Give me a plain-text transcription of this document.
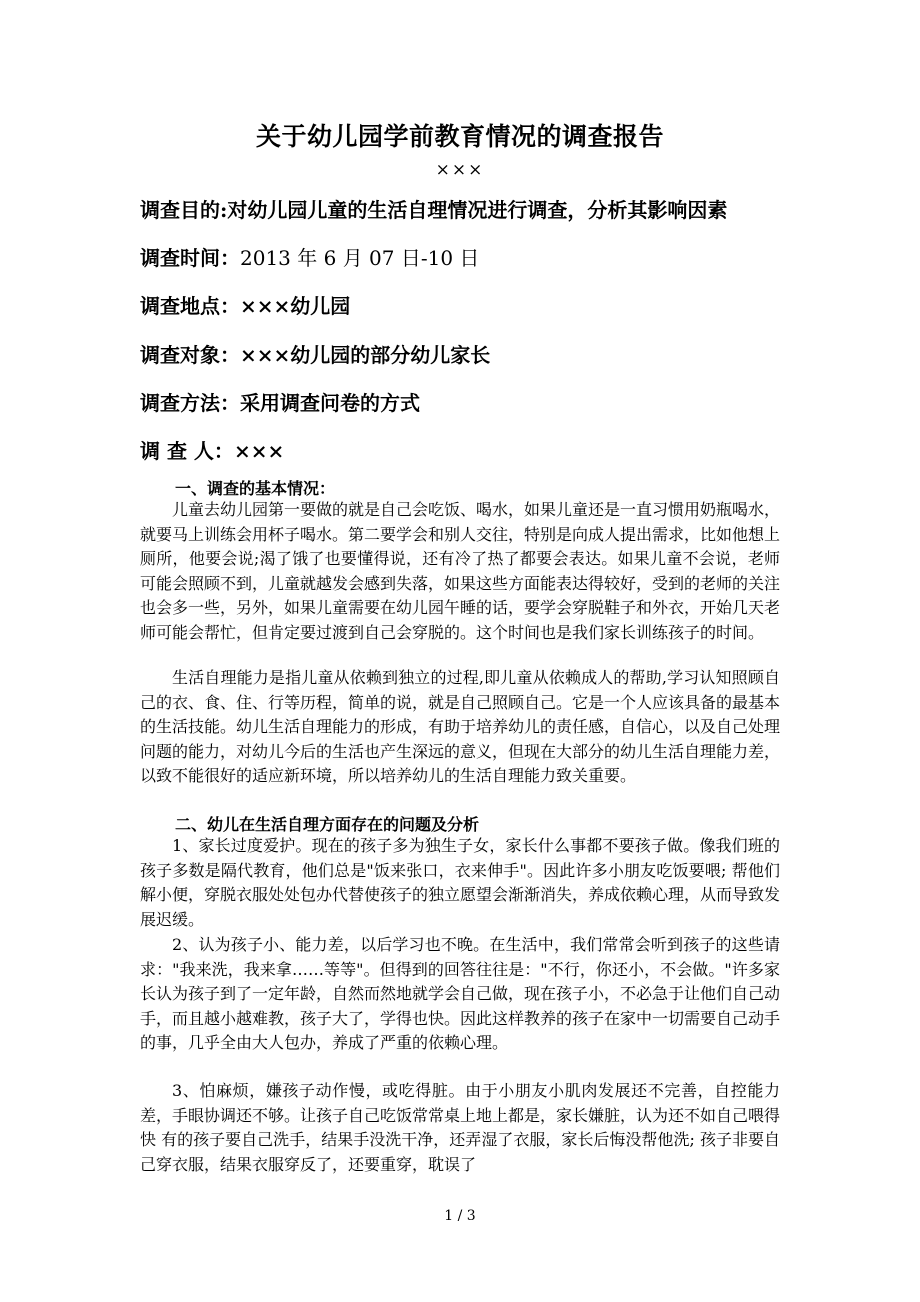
关于幼儿园学前教育情况的调查报告
×××
调查目的:对幼儿园儿童的生活自理情况进行调查，分析其影响因素
调查时间：2013 年 6 月 07 日-10 日
调查地点：×××幼儿园
调查对象：×××幼儿园的部分幼儿家长
调查方法：采用调查问卷的方式
调 查 人：×××
一、调查的基本情况：

儿童去幼儿园第一要做的就是自己会吃饭、喝水，如果儿童还是一直习惯用奶瓶喝水，就要马上训练会用杯子喝水。第二要学会和别人交往，特别是向成人提出需求，比如他想上厕所，他要会说;渴了饿了也要懂得说，还有冷了热了都要会表达。如果儿童不会说，老师可能会照顾不到，儿童就越发会感到失落，如果这些方面能表达得较好，受到的老师的关注也会多一些，另外，如果儿童需要在幼儿园午睡的话，要学会穿脱鞋子和外衣，开始几天老师可能会帮忙，但肯定要过渡到自己会穿脱的。这个时间也是我们家长训练孩子的时间。

生活自理能力是指儿童从依赖到独立的过程,即儿童从依赖成人的帮助,学习认知照顾自己的衣、食、住、行等历程，简单的说，就是自己照顾自己。它是一个人应该具备的最基本的生活技能。幼儿生活自理能力的形成，有助于培养幼儿的责任感，自信心，以及自己处理问题的能力，对幼儿今后的生活也产生深远的意义，但现在大部分的幼儿生活自理能力差，以致不能很好的适应新环境，所以培养幼儿的生活自理能力致关重要。

二、幼儿在生活自理方面存在的问题及分析

1、家长过度爱护。现在的孩子多为独生子女，家长什么事都不要孩子做。像我们班的孩子多数是隔代教育，他们总是"饭来张口，衣来伸手"。因此许多小朋友吃饭要喂; 帮他们解小便，穿脱衣服处处包办代替使孩子的独立愿望会渐渐消失，养成依赖心理，从而导致发展迟缓。

2、认为孩子小、能力差，以后学习也不晚。在生活中，我们常常会听到孩子的这些请求："我来洗，我来拿……等等"。但得到的回答往往是："不行，你还小，不会做。"许多家长认为孩子到了一定年龄，自然而然地就学会自己做，现在孩子小，不必急于让他们自己动手，而且越小越难教，孩子大了，学得也快。因此这样教养的孩子在家中一切需要自己动手的事，几乎全由大人包办，养成了严重的依赖心理。

3、怕麻烦，嫌孩子动作慢，或吃得脏。由于小朋友小肌肉发展还不完善，自控能力差，手眼协调还不够。让孩子自己吃饭常常桌上地上都是，家长嫌脏，认为还不如自己喂得快 有的孩子要自己洗手，结果手没洗干净，还弄湿了衣服，家长后悔没帮他洗; 孩子非要自己穿衣服，结果衣服穿反了，还要重穿，耽误了

1 / 3
